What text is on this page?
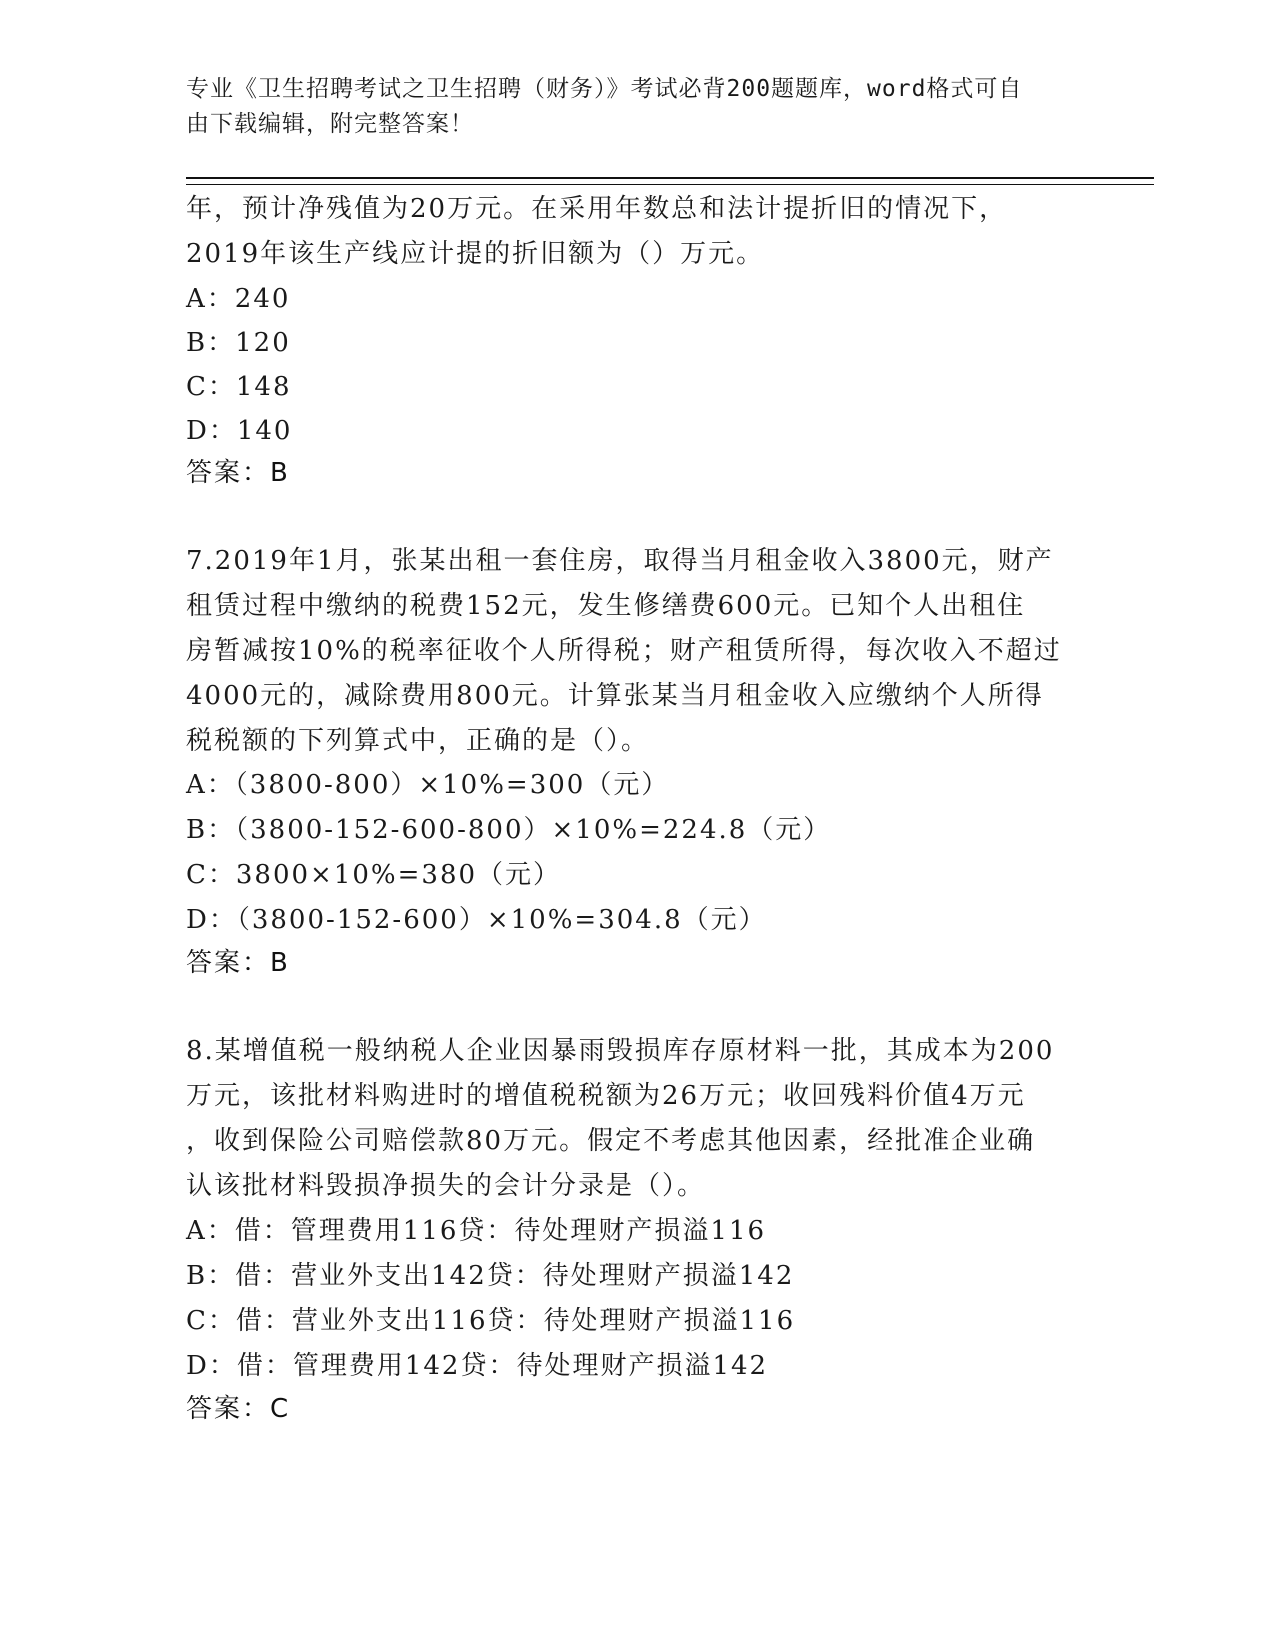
专业《卫生招聘考试之卫生招聘（财务）》考试必背200题题库，word格式可自
由下载编辑，附完整答案！
年，预计净残值为20万元。在采用年数总和法计提折旧的情况下，
2019年该生产线应计提的折旧额为（）万元。
A：240
B：120
C：148
D：140
答案：B
7.2019年1月，张某出租一套住房，取得当月租金收入3800元，财产
租赁过程中缴纳的税费152元，发生修缮费600元。已知个人出租住
房暂减按10%的税率征收个人所得税；财产租赁所得，每次收入不超过
4000元的，减除费用800元。计算张某当月租金收入应缴纳个人所得
税税额的下列算式中，正确的是（）。
A：（3800-800）×10%=300（元）
B：（3800-152-600-800）×10%=224.8（元）
C：3800×10%=380（元）
D：（3800-152-600）×10%=304.8（元）
答案：B
8.某增值税一般纳税人企业因暴雨毁损库存原材料一批，其成本为200
万元，该批材料购进时的增值税税额为26万元；收回残料价值4万元
，收到保险公司赔偿款80万元。假定不考虑其他因素，经批准企业确
认该批材料毁损净损失的会计分录是（）。
A：借：管理费用116贷：待处理财产损溢116
B：借：营业外支出142贷：待处理财产损溢142
C：借：营业外支出116贷：待处理财产损溢116
D：借：管理费用142贷：待处理财产损溢142
答案：C
